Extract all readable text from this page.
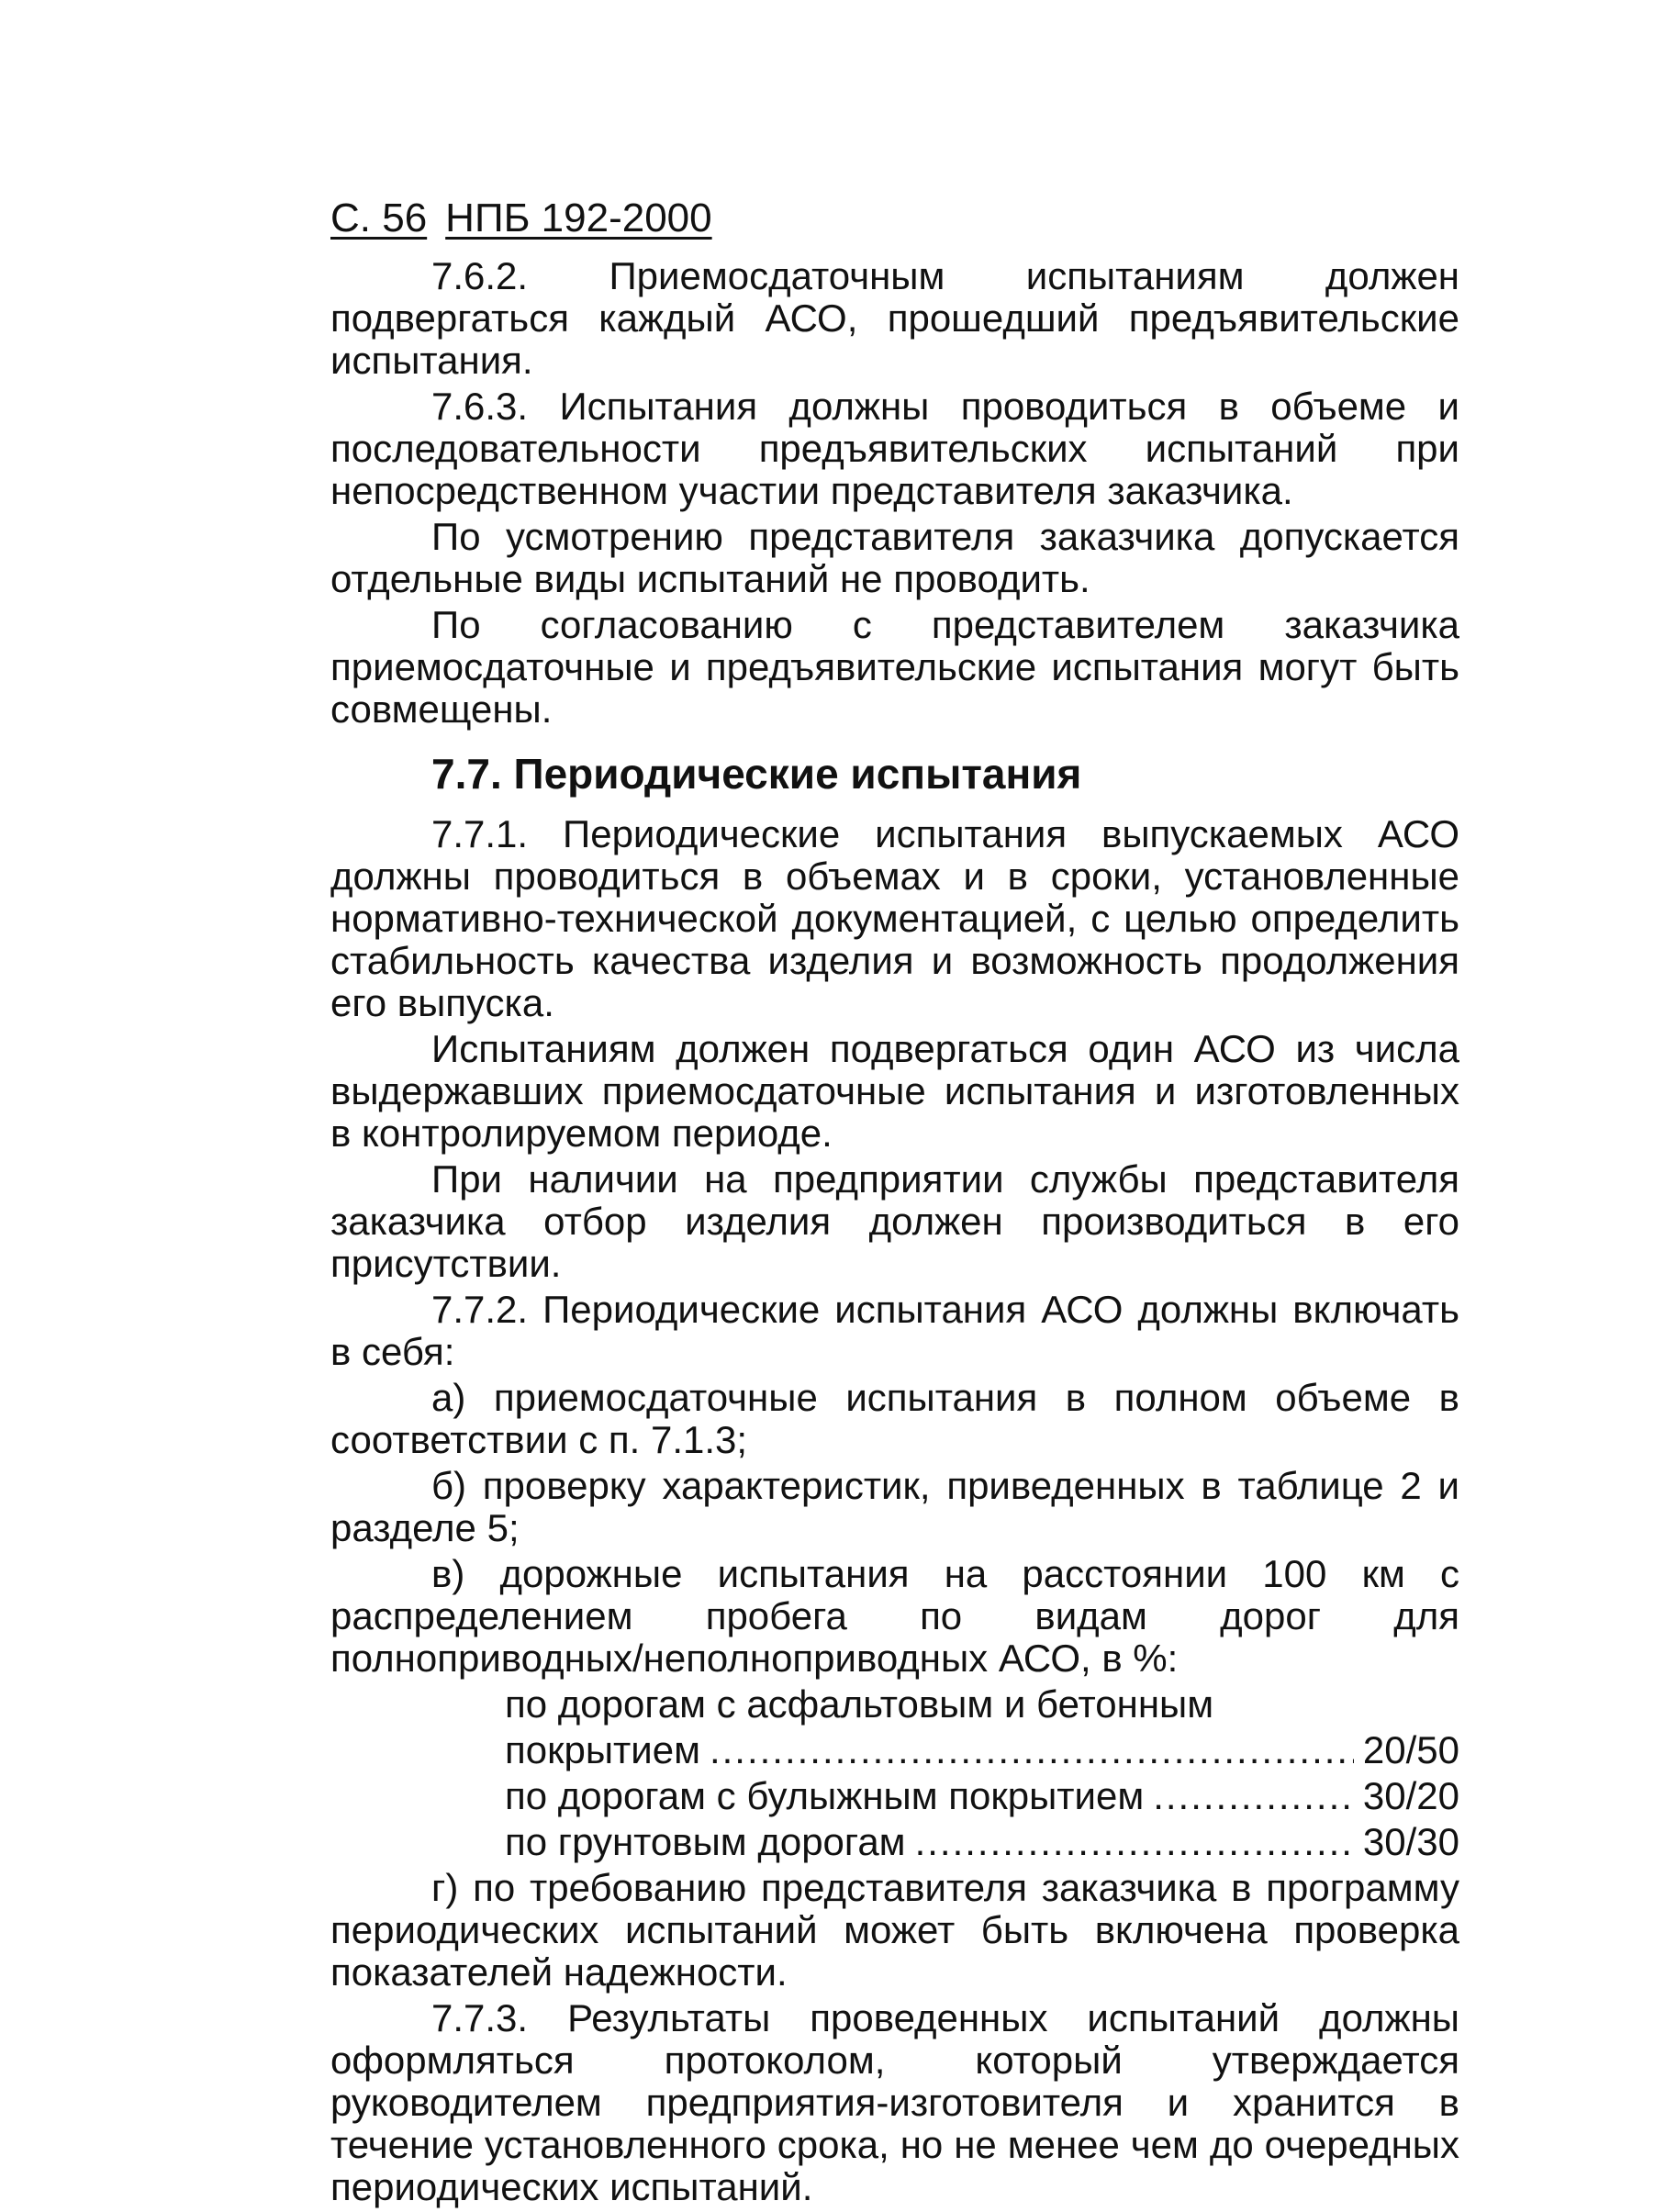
С. 56 НПБ 192-2000

7.6.2. Приемосдаточным испытаниям должен подвергаться каждый АСО, прошедший предъявительские испытания.

7.6.3. Испытания должны проводиться в объеме и последовательности предъявительских испытаний при непосредственном участии представителя заказчика.

По усмотрению представителя заказчика допускается отдельные виды испытаний не проводить.

По согласованию с представителем заказчика приемосдаточные и предъявительские испытания могут быть совмещены.

7.7. Периодические испытания

7.7.1. Периодические испытания выпускаемых АСО должны проводиться в объемах и в сроки, установленные нормативно-технической документацией, с целью определить стабильность качества изделия и возможность продолжения его выпуска.

Испытаниям должен подвергаться один АСО из числа выдержавших приемосдаточные испытания и изготовленных в контролируемом периоде.

При наличии на предприятии службы представителя заказчика отбор изделия должен производиться в его присутствии.

7.7.2. Периодические испытания АСО должны включать в себя:

а) приемосдаточные испытания в полном объеме в соответствии с п. 7.1.3;

б) проверку характеристик, приведенных в таблице 2 и разделе 5;

в) дорожные испытания на расстоянии 100 км с распределением пробега по видам дорог для полноприводных/неполноприводных АСО, в %:

по дорогам с асфальтовым и бетонным
покрытием .....	20/50
по дорогам с булыжным покрытием .....	30/20
по грунтовым дорогам .....	30/30

г) по требованию представителя заказчика в программу периодических испытаний может быть включена проверка показателей надежности.

7.7.3. Результаты проведенных испытаний должны оформляться протоколом, который утверждается руководителем предприятия-изготовителя и хранится в течение установленного срока, но не менее чем до очередных периодических испытаний.
